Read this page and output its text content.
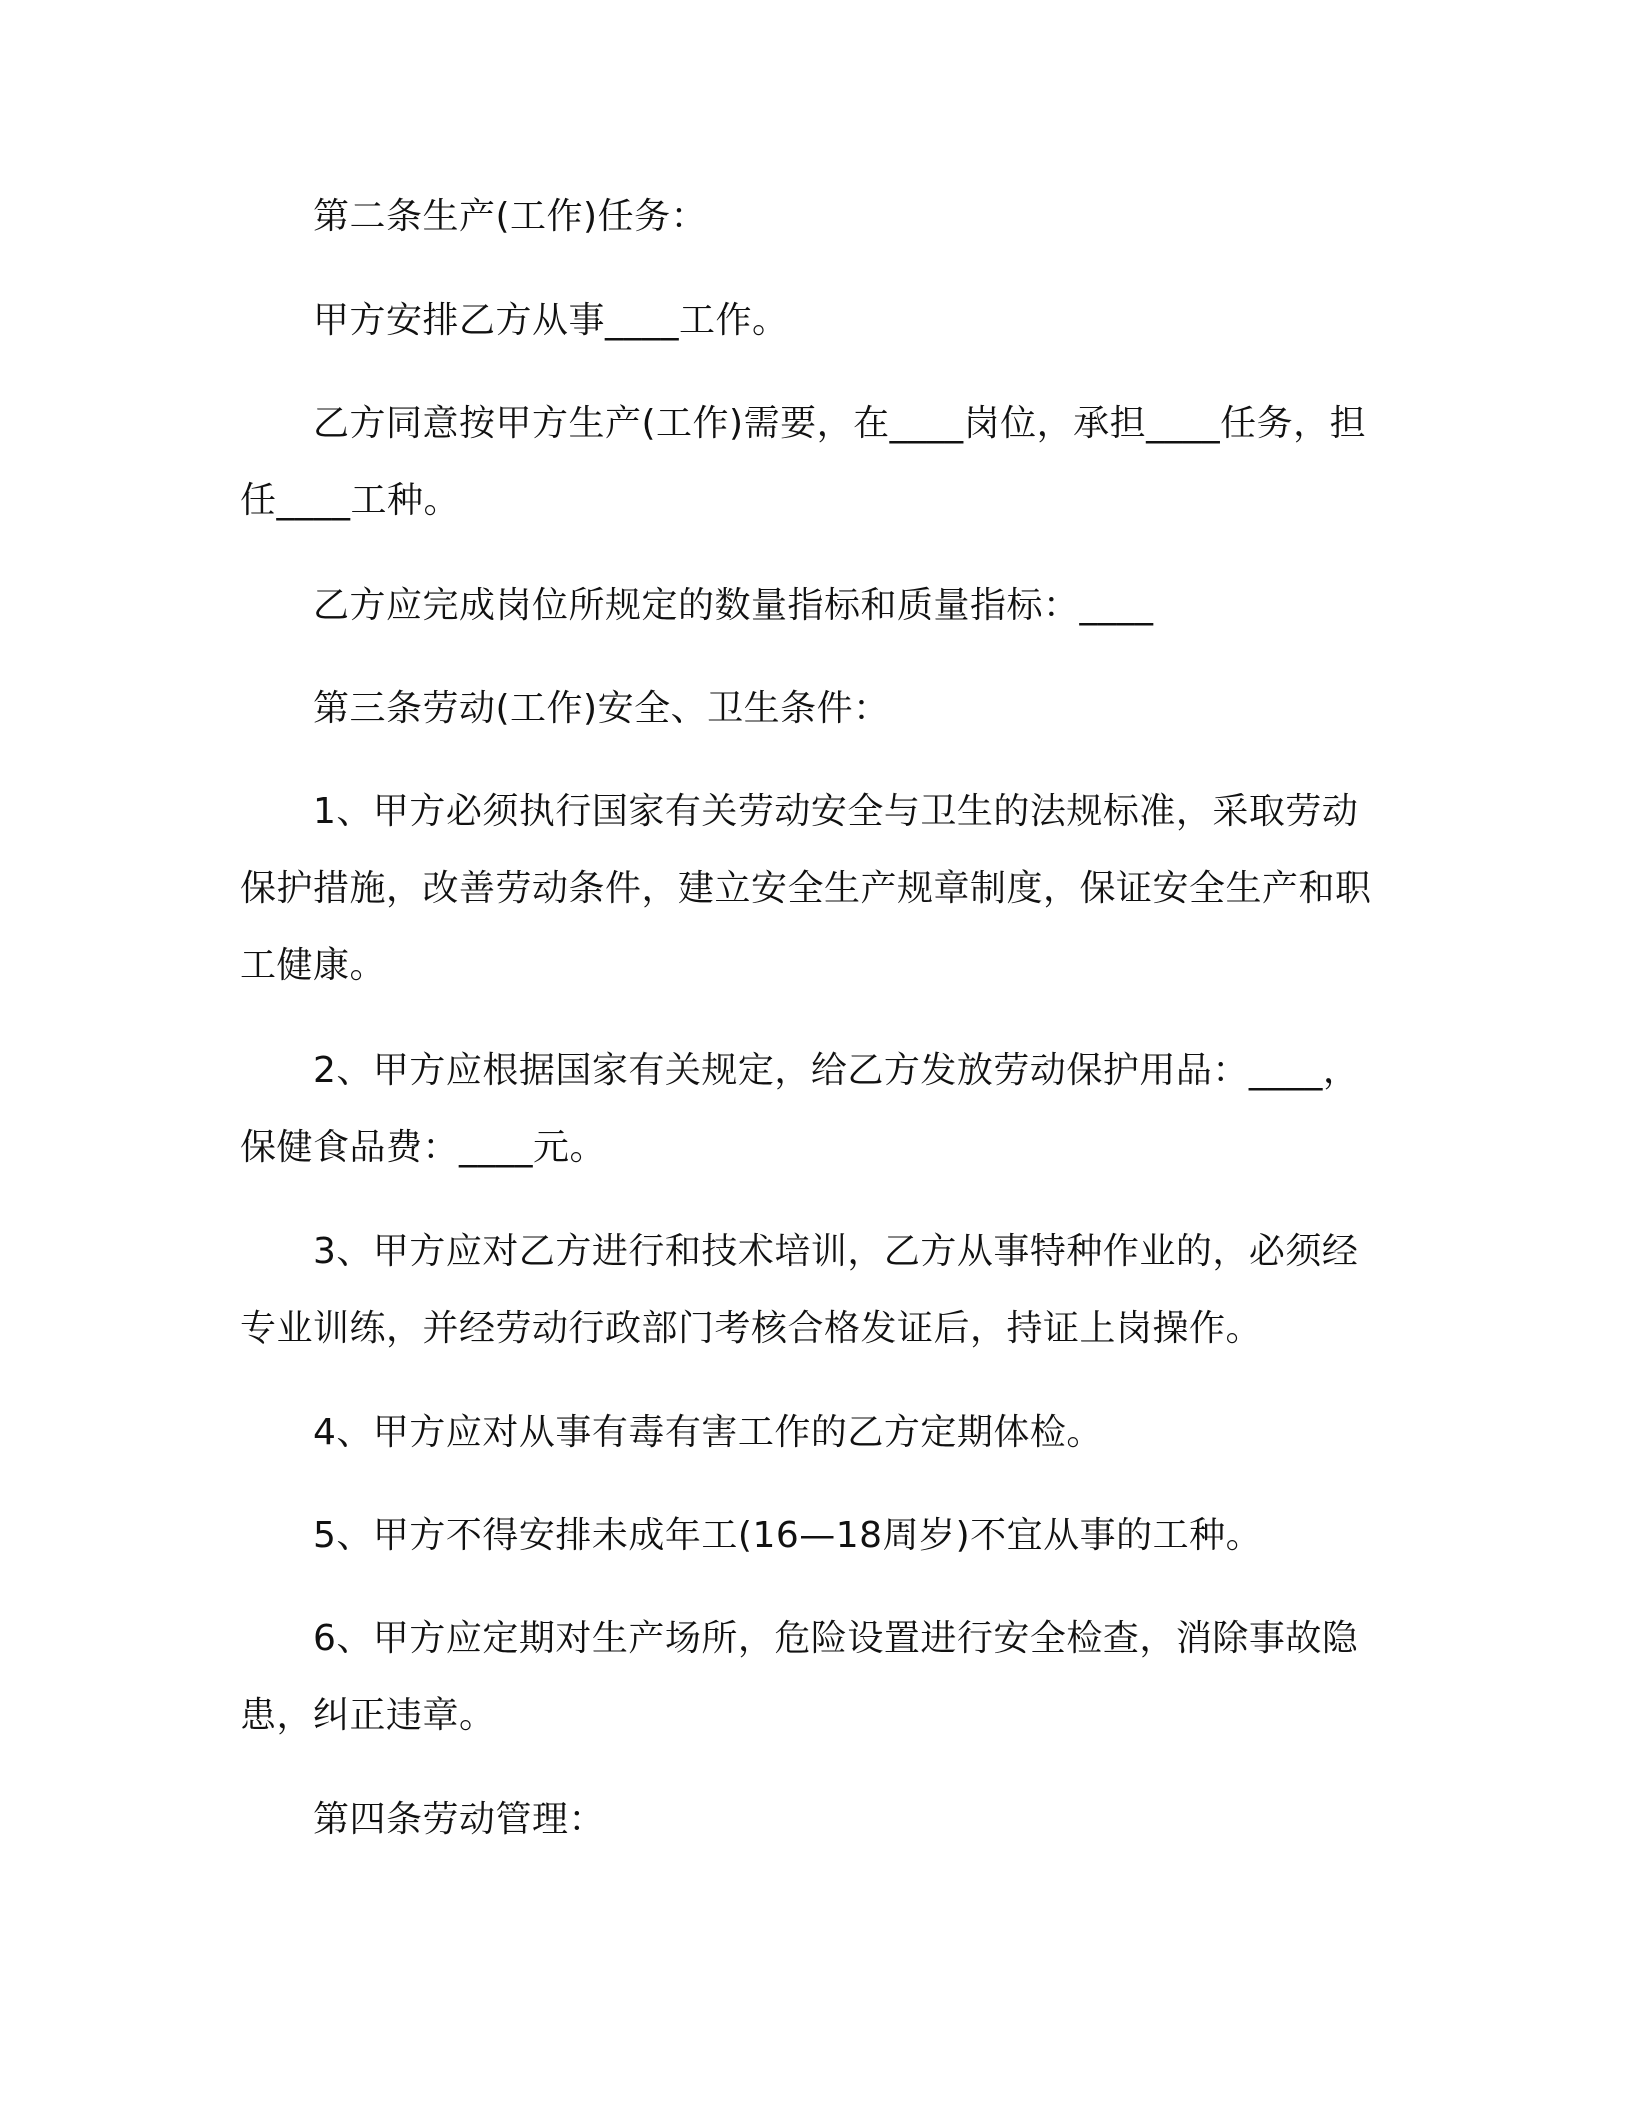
第二条生产(工作)任务：

甲方安排乙方从事____工作。

乙方同意按甲方生产(工作)需要，在____岗位，承担____任务，担任____工种。

乙方应完成岗位所规定的数量指标和质量指标：____

第三条劳动(工作)安全、卫生条件：

1、甲方必须执行国家有关劳动安全与卫生的法规标准，采取劳动保护措施，改善劳动条件，建立安全生产规章制度，保证安全生产和职工健康。

2、甲方应根据国家有关规定，给乙方发放劳动保护用品：____，保健食品费：____元。

3、甲方应对乙方进行和技术培训，乙方从事特种作业的，必须经专业训练，并经劳动行政部门考核合格发证后，持证上岗操作。

4、甲方应对从事有毒有害工作的乙方定期体检。

5、甲方不得安排未成年工(16—18周岁)不宜从事的工种。

6、甲方应定期对生产场所，危险设置进行安全检查，消除事故隐患，纠正违章。

第四条劳动管理：
